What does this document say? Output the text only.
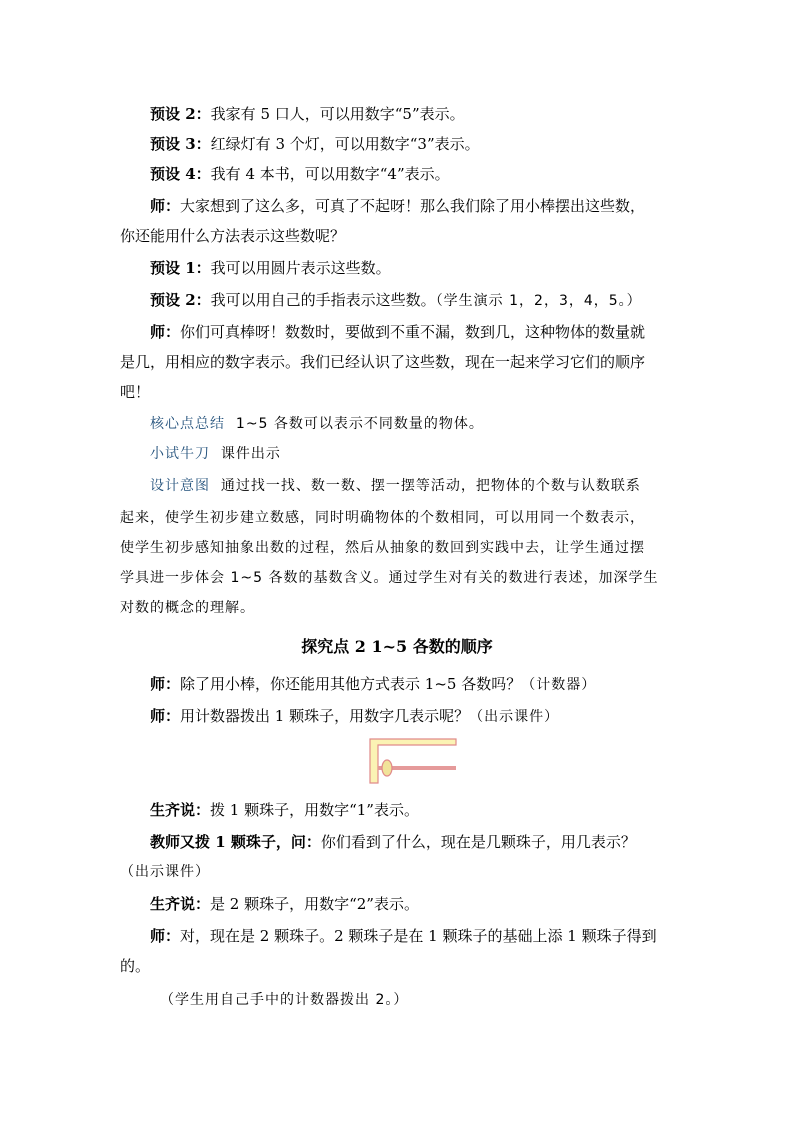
预设 2：我家有 5 口人，可以用数字“5”表示。
预设 3：红绿灯有 3 个灯，可以用数字“3”表示。
预设 4：我有 4 本书，可以用数字“4”表示。
师：大家想到了这么多，可真了不起呀！那么我们除了用小棒摆出这些数，
你还能用什么方法表示这些数呢？
预设 1：我可以用圆片表示这些数。
预设 2：我可以用自己的手指表示这些数。（学生演示 1，2，3，4，5。）
师：你们可真棒呀！数数时，要做到不重不漏，数到几，这种物体的数量就
是几，用相应的数字表示。我们已经认识了这些数，现在一起来学习它们的顺序
吧！
核心点总结 1~5 各数可以表示不同数量的物体。
小试牛刀 课件出示
设计意图 通过找一找、数一数、摆一摆等活动，把物体的个数与认数联系
起来，使学生初步建立数感，同时明确物体的个数相同，可以用同一个数表示，
使学生初步感知抽象出数的过程，然后从抽象的数回到实践中去，让学生通过摆
学具进一步体会 1~5 各数的基数含义。通过学生对有关的数进行表述，加深学生
对数的概念的理解。
探究点 2 1~5 各数的顺序
师：除了用小棒，你还能用其他方式表示 1~5 各数吗？（计数器）
师：用计数器拨出 1 颗珠子，用数字几表示呢？（出示课件）
生齐说：拨 1 颗珠子，用数字“1”表示。
教师又拨 1 颗珠子，问：你们看到了什么，现在是几颗珠子，用几表示？
（出示课件）
生齐说：是 2 颗珠子，用数字“2”表示。
师：对，现在是 2 颗珠子。2 颗珠子是在 1 颗珠子的基础上添 1 颗珠子得到
的。
（学生用自己手中的计数器拨出 2。）
